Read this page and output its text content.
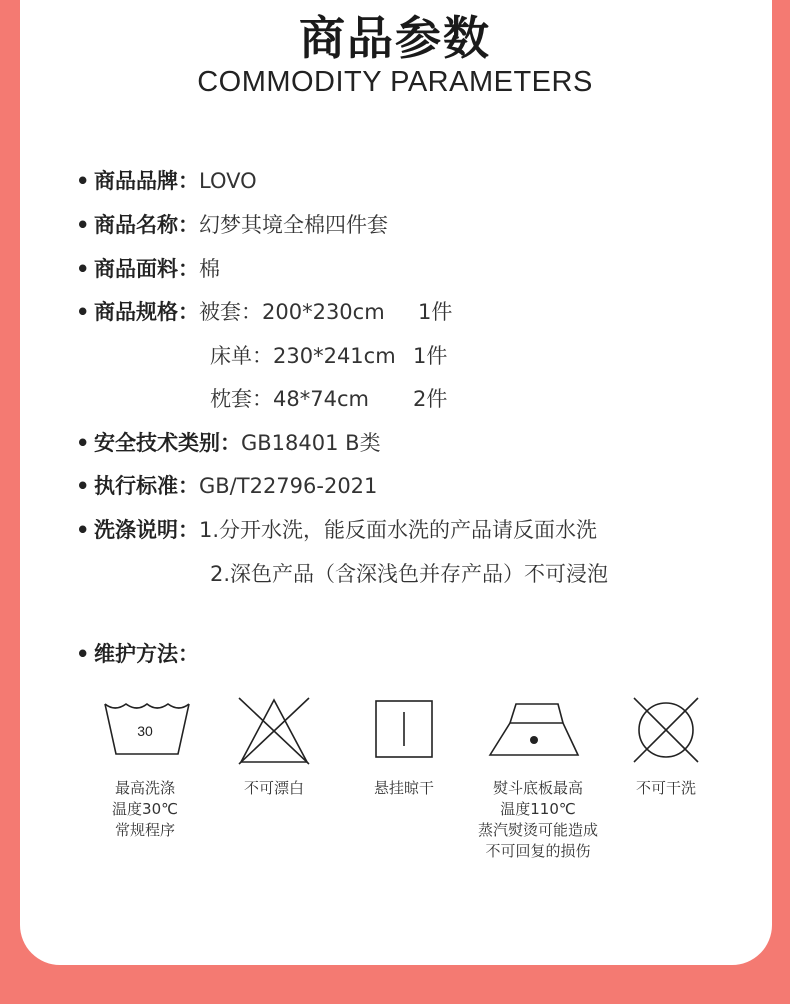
商品参数
COMMODITY PARAMETERS
• 商品品牌：LOVO
• 商品名称：幻梦其境全棉四件套
• 商品面料：棉
• 商品规格：被套：200*230cm 1件
床单：230*241cm 1件
枕套：48*74cm 2件
• 安全技术类别：GB18401 B类
• 执行标准：GB/T22796-2021
• 洗涤说明：1.分开水洗，能反面水洗的产品请反面水洗
2.深色产品（含深浅色并存产品）不可浸泡
• 维护方法：
30
最高洗涤
温度30℃
常规程序
不可漂白	悬挂晾干	熨斗底板最高
温度110℃
蒸汽熨烫可能造成
不可回复的损伤
不可干洗
